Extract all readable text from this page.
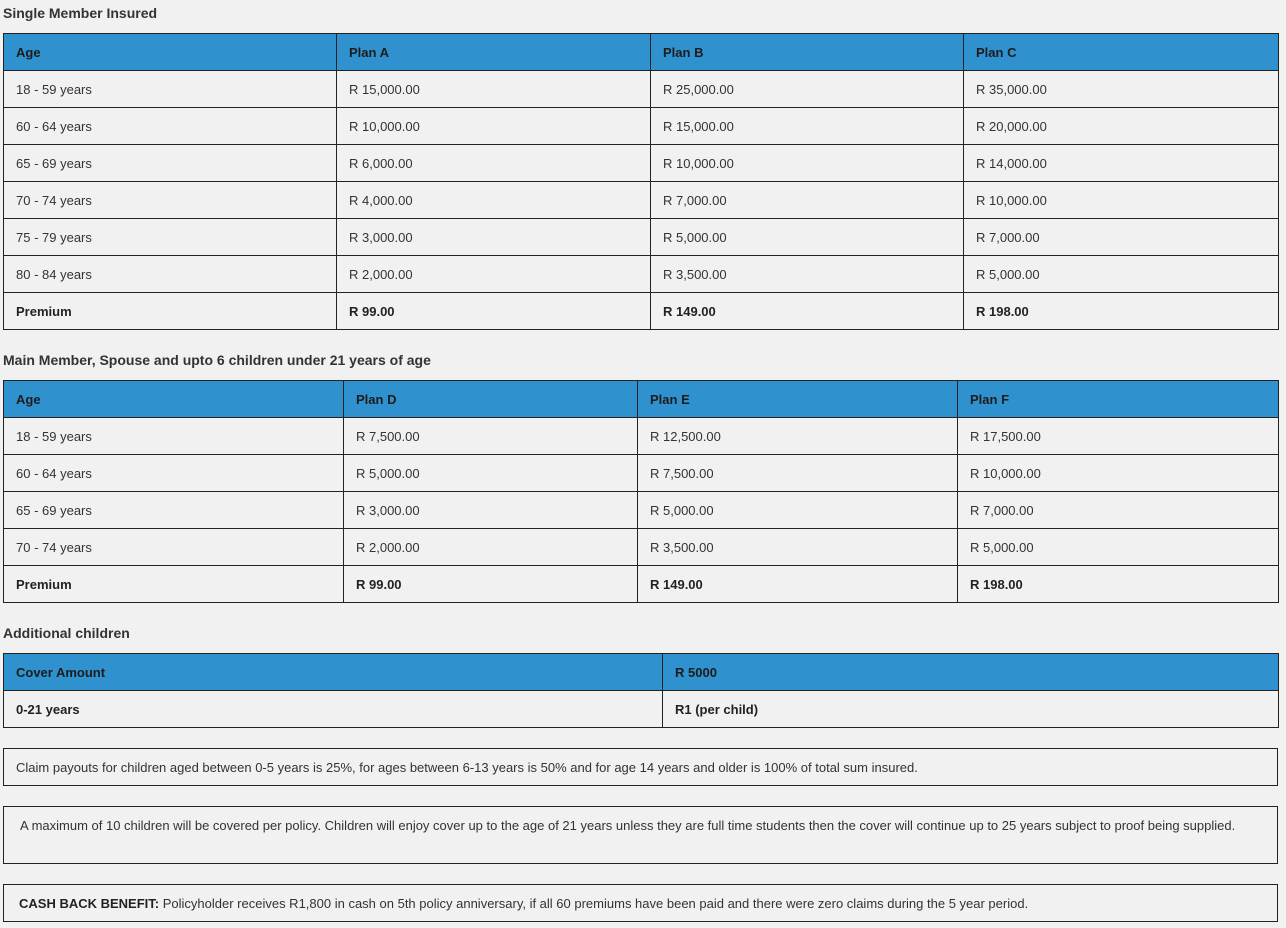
Single Member Insured
Age	Plan A	Plan B	Plan C
18 - 59 years	R 15,000.00	R 25,000.00	R 35,000.00
60 - 64 years	R 10,000.00	R 15,000.00	R 20,000.00
65 - 69 years	R 6,000.00	R 10,000.00	R 14,000.00
70 - 74 years	R 4,000.00	R 7,000.00	R 10,000.00
75 - 79 years	R 3,000.00	R 5,000.00	R 7,000.00
80 - 84 years	R 2,000.00	R 3,500.00	R 5,000.00
Premium	R 99.00	R 149.00	R 198.00
Main Member, Spouse and upto 6 children under 21 years of age
Age	Plan D	Plan E	Plan F
18 - 59 years	R 7,500.00	R 12,500.00	R 17,500.00
60 - 64 years	R 5,000.00	R 7,500.00	R 10,000.00
65 - 69 years	R 3,000.00	R 5,000.00	R 7,000.00
70 - 74 years	R 2,000.00	R 3,500.00	R 5,000.00
Premium	R 99.00	R 149.00	R 198.00
Additional children
Cover Amount	R 5000
0-21 years	R1 (per child)
Claim payouts for children aged between 0-5 years is 25%, for ages between 6-13 years is 50% and for age 14 years and older is 100% of total sum insured.
A maximum of 10 children will be covered per policy. Children will enjoy cover up to the age of 21 years unless they are full time students then the cover will continue up to 25 years subject to proof being supplied.
CASH BACK BENEFIT: Policyholder receives R1,800 in cash on 5th policy anniversary, if all 60 premiums have been paid and there were zero claims during the 5 year period.
